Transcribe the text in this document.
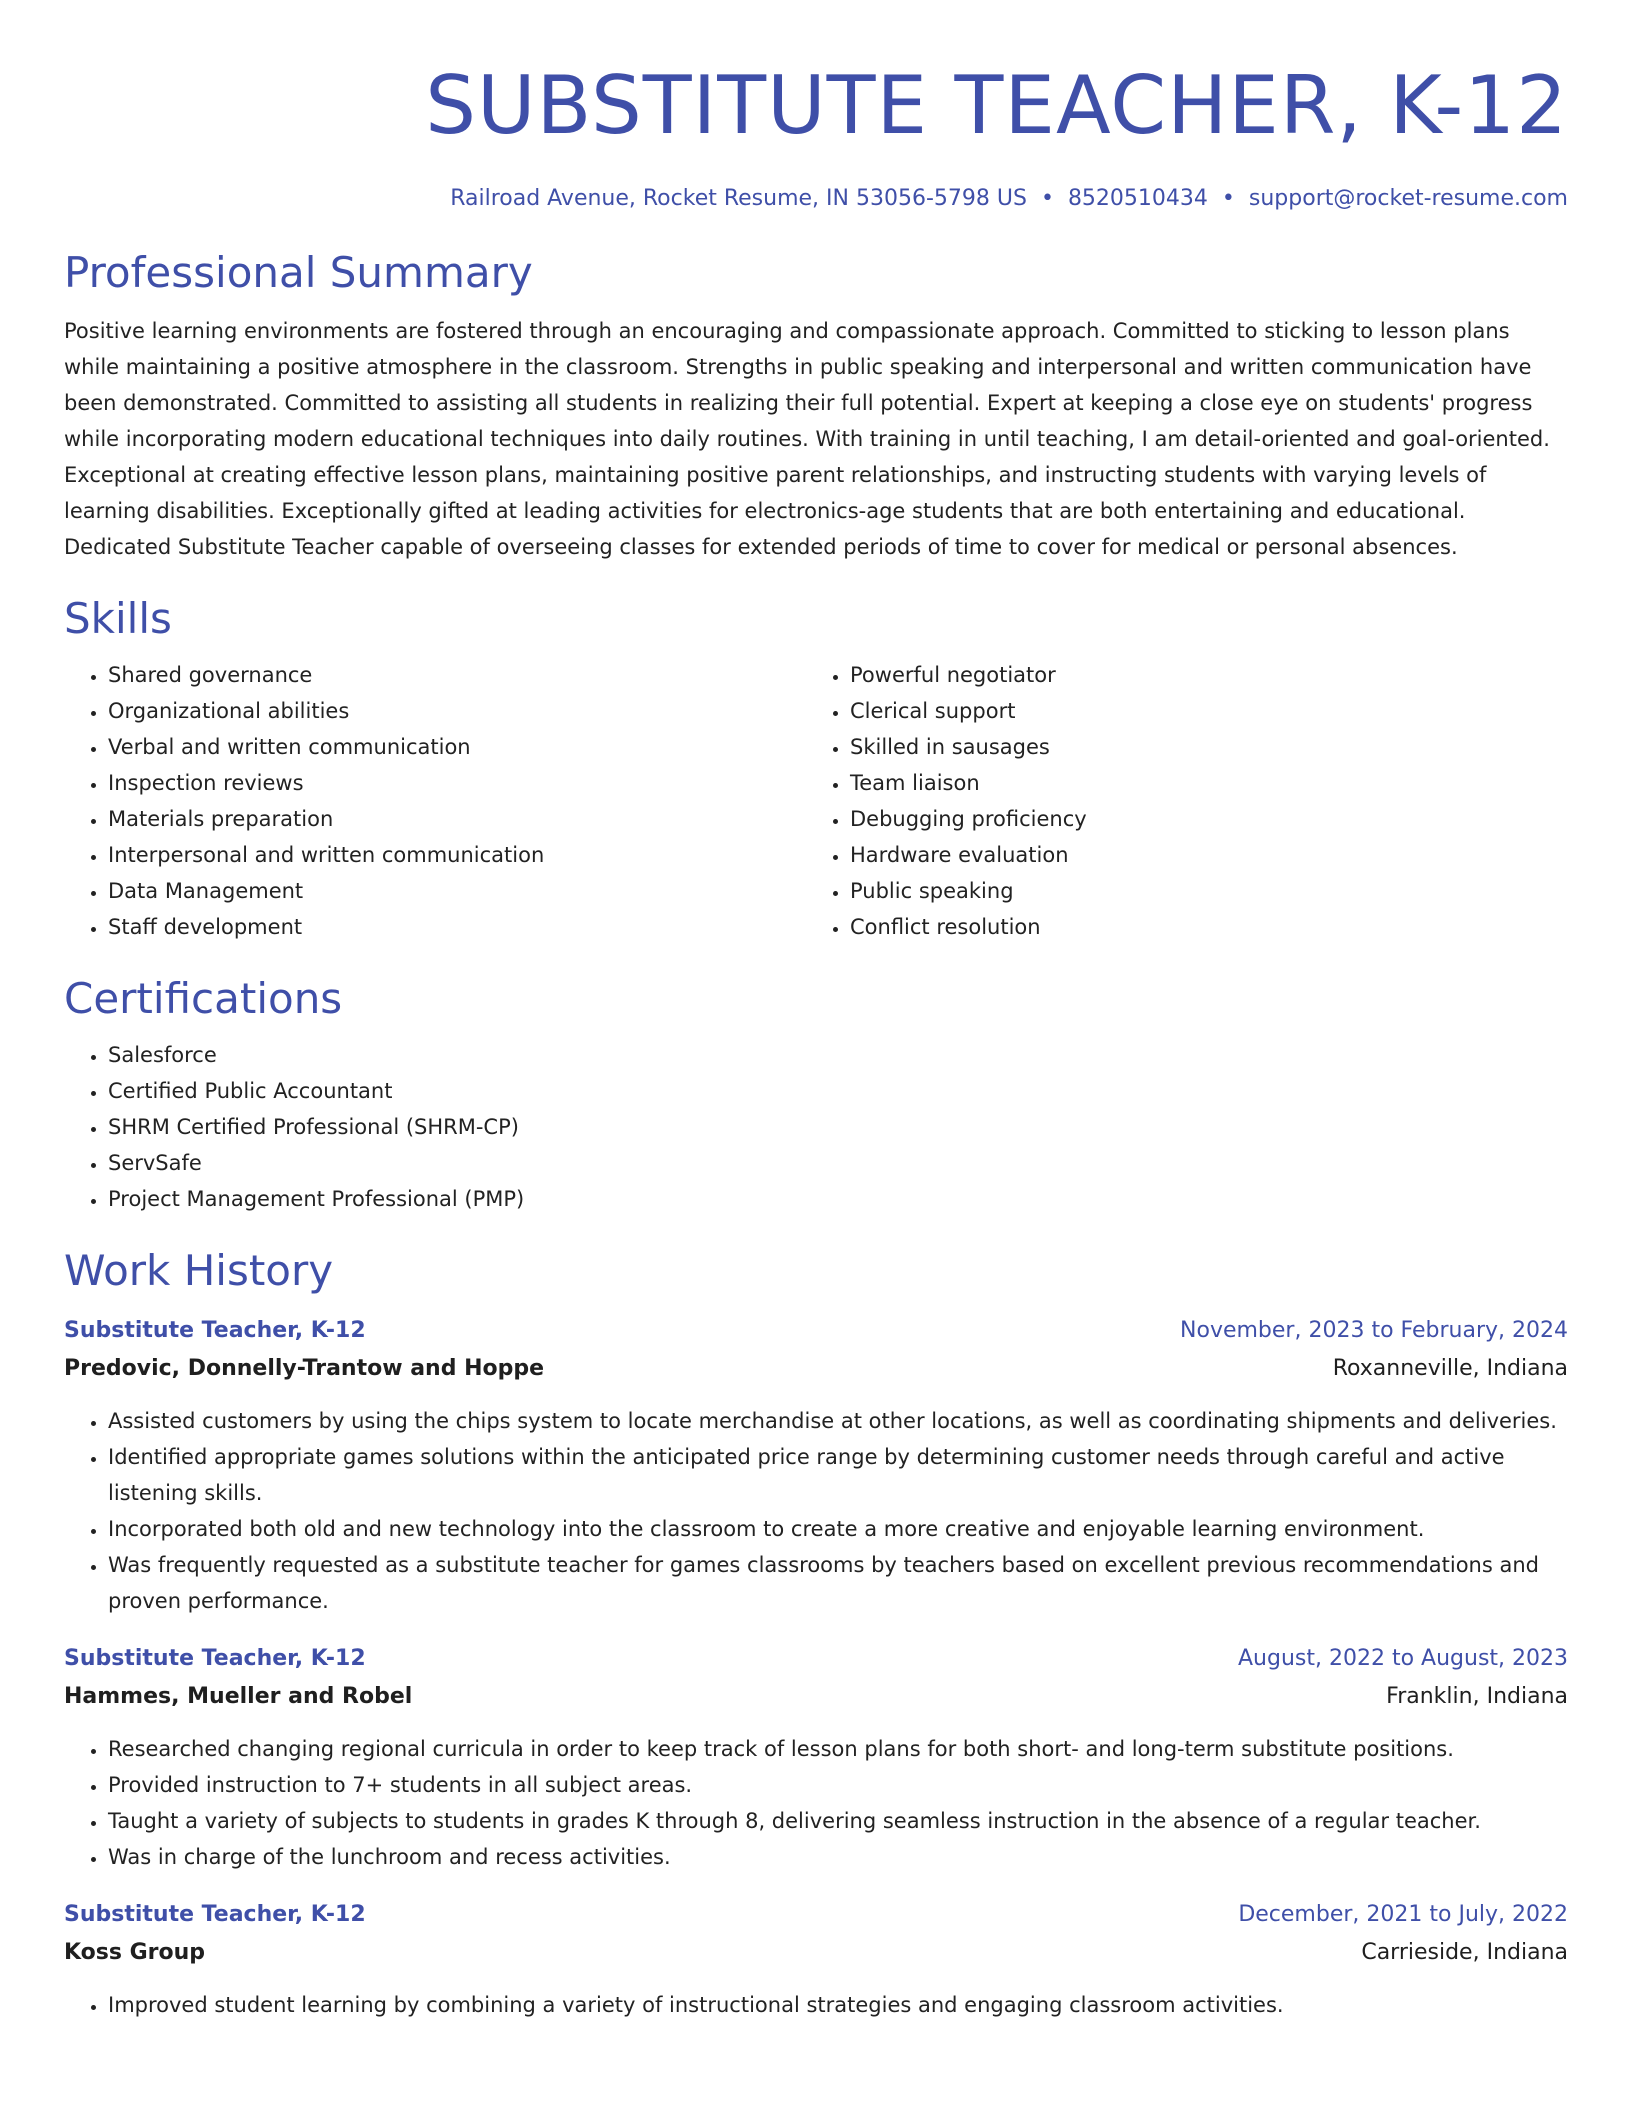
SUBSTITUTE TEACHER, K-12
Railroad Avenue, Rocket Resume, IN 53056-5798 US • 8520510434 • support@rocket-resume.com
Professional Summary

Positive learning environments are fostered through an encouraging and compassionate approach. Committed to sticking to lesson plans while maintaining a positive atmosphere in the classroom. Strengths in public speaking and interpersonal and written communication have been demonstrated. Committed to assisting all students in realizing their full potential. Expert at keeping a close eye on students' progress while incorporating modern educational techniques into daily routines. With training in until teaching, I am detail-oriented and goal-oriented. Exceptional at creating effective lesson plans, maintaining positive parent relationships, and instructing students with varying levels of learning disabilities. Exceptionally gifted at leading activities for electronics-age students that are both entertaining and educational. Dedicated Substitute Teacher capable of overseeing classes for extended periods of time to cover for medical or personal absences.

Skills
• Shared governance
• Organizational abilities
• Verbal and written communication
• Inspection reviews
• Materials preparation
• Interpersonal and written communication
• Data Management
• Staff development
• Powerful negotiator
• Clerical support
• Skilled in sausages
• Team liaison
• Debugging proficiency
• Hardware evaluation
• Public speaking
• Conflict resolution
Certifications
• Salesforce
• Certified Public Accountant
• SHRM Certified Professional (SHRM-CP)
• ServSafe
• Project Management Professional (PMP)
Work History
Substitute Teacher, K-12	November, 2023 to February, 2024
Predovic, Donnelly-Trantow and Hoppe	Roxanneville, Indiana
• Assisted customers by using the chips system to locate merchandise at other locations, as well as coordinating shipments and deliveries.
• Identified appropriate games solutions within the anticipated price range by determining customer needs through careful and active listening skills.
• Incorporated both old and new technology into the classroom to create a more creative and enjoyable learning environment.
• Was frequently requested as a substitute teacher for games classrooms by teachers based on excellent previous recommendations and proven performance.
Substitute Teacher, K-12	August, 2022 to August, 2023
Hammes, Mueller and Robel	Franklin, Indiana
• Researched changing regional curricula in order to keep track of lesson plans for both short- and long-term substitute positions.
• Provided instruction to 7+ students in all subject areas.
• Taught a variety of subjects to students in grades K through 8, delivering seamless instruction in the absence of a regular teacher.
• Was in charge of the lunchroom and recess activities.
Substitute Teacher, K-12	December, 2021 to July, 2022
Koss Group	Carrieside, Indiana
• Improved student learning by combining a variety of instructional strategies and engaging classroom activities.
